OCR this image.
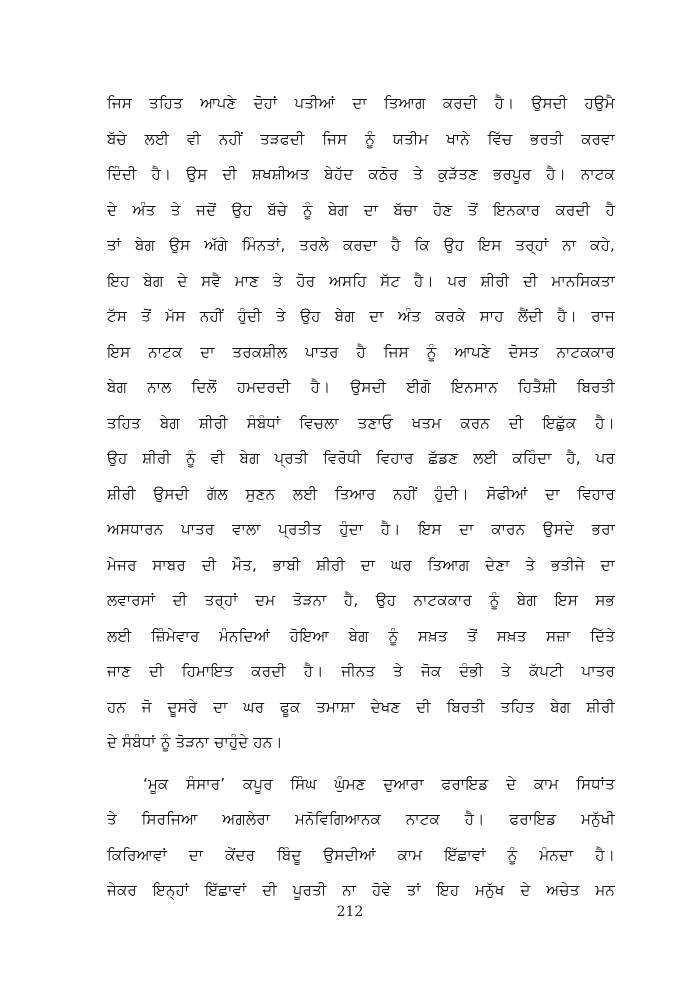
ਜਿਸ ਤਹਿਤ ਆਪਣੇ ਦੋਹਾਂ ਪਤੀਆਂ ਦਾ ਤਿਆਗ ਕਰਦੀ ਹੈ। ਉਸਦੀ ਹਉਮੈ
ਬੱਚੇ ਲਈ ਵੀ ਨਹੀਂ ਤੜਫਦੀ ਜਿਸ ਨੂੰ ਯਤੀਮ ਖਾਨੇ ਵਿੱਚ ਭਰਤੀ ਕਰਵਾ
ਦਿੰਦੀ ਹੈ। ਉਸ ਦੀ ਸ਼ਖਸ਼ੀਅਤ ਬੇਹੱਦ ਕਠੋਰ ਤੇ ਕੁੜੱਤਣ ਭਰਪੂਰ ਹੈ। ਨਾਟਕ
ਦੇ ਅੰਤ ਤੇ ਜਦੋਂ ਉਹ ਬੱਚੇ ਨੂੰ ਬੇਗ ਦਾ ਬੱਚਾ ਹੋਣ ਤੋਂ ਇਨਕਾਰ ਕਰਦੀ ਹੈ
ਤਾਂ ਬੇਗ ਉਸ ਅੱਗੇ ਮਿੰਨਤਾਂ, ਤਰਲੇ ਕਰਦਾ ਹੈ ਕਿ ਉਹ ਇਸ ਤਰ੍ਹਾਂ ਨਾ ਕਹੇ,
ਇਹ ਬੇਗ ਦੇ ਸਵੈ ਮਾਣ ਤੇ ਹੋਰ ਅਸਹਿ ਸੱਟ ਹੈ। ਪਰ ਸ਼ੀਰੀ ਦੀ ਮਾਨਸਿਕਤਾ
ਟੱਸ ਤੋਂ ਮੱਸ ਨਹੀਂ ਹੁੰਦੀ ਤੇ ਉਹ ਬੇਗ ਦਾ ਅੰਤ ਕਰਕੇ ਸਾਹ ਲੈਂਦੀ ਹੈ। ਰਾਜ
ਇਸ ਨਾਟਕ ਦਾ ਤਰਕਸ਼ੀਲ ਪਾਤਰ ਹੈ ਜਿਸ ਨੂੰ ਆਪਣੇ ਦੋਸਤ ਨਾਟਕਕਾਰ
ਬੇਗ ਨਾਲ ਦਿਲੋਂ ਹਮਦਰਦੀ ਹੈ। ਉਸਦੀ ਈਗੋ ਇਨਸਾਨ ਹਿਤੈਸ਼ੀ ਬਿਰਤੀ
ਤਹਿਤ ਬੇਗ ਸ਼ੀਰੀ ਸੰਬੰਧਾਂ ਵਿਚਲਾ ਤਣਾਓ ਖਤਮ ਕਰਨ ਦੀ ਇਛੁੱਕ ਹੈ।
ਉਹ ਸ਼ੀਰੀ ਨੂੰ ਵੀ ਬੇਗ ਪ੍ਰਤੀ ਵਿਰੋਧੀ ਵਿਹਾਰ ਛੱਡਣ ਲਈ ਕਹਿੰਦਾ ਹੈ, ਪਰ
ਸ਼ੀਰੀ ਉਸਦੀ ਗੱਲ ਸੁਣਨ ਲਈ ਤਿਆਰ ਨਹੀਂ ਹੁੰਦੀ। ਸੋਫੀਆਂ ਦਾ ਵਿਹਾਰ
ਅਸਧਾਰਨ ਪਾਤਰ ਵਾਲਾ ਪ੍ਰਤੀਤ ਹੁੰਦਾ ਹੈ। ਇਸ ਦਾ ਕਾਰਨ ਉਸਦੇ ਭਰਾ
ਮੇਜਰ ਸਾਬਰ ਦੀ ਮੌਤ, ਭਾਬੀ ਸ਼ੀਰੀ ਦਾ ਘਰ ਤਿਆਗ ਦੇਣਾ ਤੇ ਭਤੀਜੇ ਦਾ
ਲਵਾਰਸਾਂ ਦੀ ਤਰ੍ਹਾਂ ਦਮ ਤੋੜਨਾ ਹੈ, ਉਹ ਨਾਟਕਕਾਰ ਨੂੰ ਬੇਗ ਇਸ ਸਭ
ਲਈ ਜ਼ਿੰਮੇਵਾਰ ਮੰਨਦਿਆਂ ਹੋਇਆ ਬੇਗ ਨੂੰ ਸਖ਼ਤ ਤੋਂ ਸਖ਼ਤ ਸਜ਼ਾ ਦਿੱਤੇ
ਜਾਣ ਦੀ ਹਿਮਾਇਤ ਕਰਦੀ ਹੈ। ਜੀਨਤ ਤੇ ਜੋਕ ਦੰਭੀ ਤੇ ਕੱਪਟੀ ਪਾਤਰ
ਹਨ ਜੋ ਦੂਸਰੇ ਦਾ ਘਰ ਫੂਕ ਤਮਾਸ਼ਾ ਦੇਖਣ ਦੀ ਬਿਰਤੀ ਤਹਿਤ ਬੇਗ ਸ਼ੀਰੀ
ਦੇ ਸੰਬੰਧਾਂ ਨੂੰ ਤੋੜਨਾ ਚਾਹੁੰਦੇ ਹਨ।
‘ਮੂਕ ਸੰਸਾਰ’ ਕਪੂਰ ਸਿੰਘ ਘੁੰਮਣ ਦੁਆਰਾ ਫਰਾਇਡ ਦੇ ਕਾਮ ਸਿਧਾਂਤ
ਤੇ ਸਿਰਜਿਆ ਅਗਲੇਰਾ ਮਨੋਵਿਗਿਆਨਕ ਨਾਟਕ ਹੈ। ਫਰਾਇਡ ਮਨੁੱਖੀ
ਕਿਰਿਆਵਾਂ ਦਾ ਕੇਂਦਰ ਬਿੰਦੂ ਉਸਦੀਆਂ ਕਾਮ ਇੱਛਾਵਾਂ ਨੂੰ ਮੰਨਦਾ ਹੈ।
ਜੇਕਰ ਇਨ੍ਹਾਂ ਇੱਛਾਵਾਂ ਦੀ ਪੂਰਤੀ ਨਾ ਹੋਵੇ ਤਾਂ ਇਹ ਮਨੁੱਖ ਦੇ ਅਚੇਤ ਮਨ
212
